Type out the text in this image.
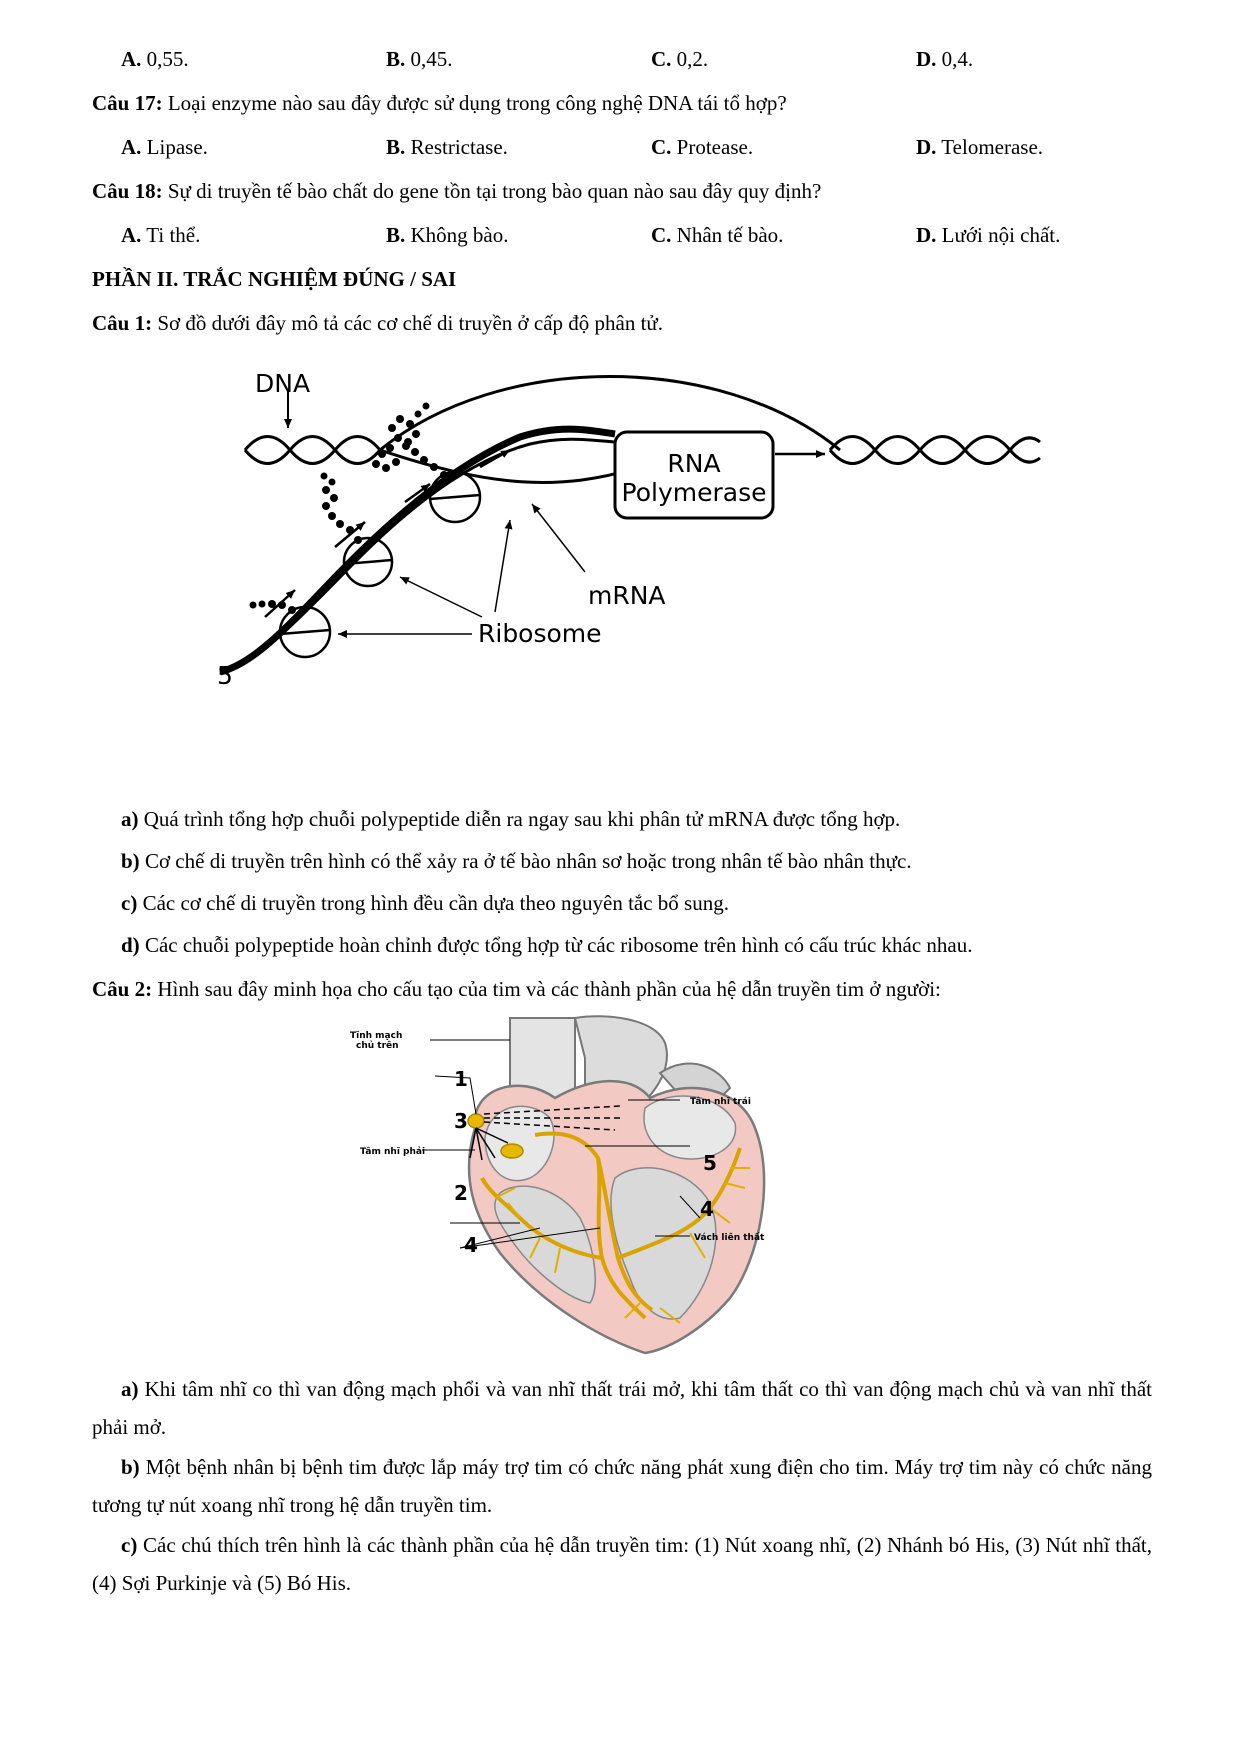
A. 0,55.	B. 0,45.	C. 0,2.	D. 0,4.
Câu 17: Loại enzyme nào sau đây được sử dụng trong công nghệ DNA tái tổ hợp?
A. Lipase.	B. Restrictase.	C. Protease.	D. Telomerase.
Câu 18: Sự di truyền tế bào chất do gene tồn tại trong bào quan nào sau đây quy định?
A. Ti thể.	B. Không bào.	C. Nhân tế bào.	D. Lưới nội chất.
PHẦN II. TRẮC NGHIỆM ĐÚNG / SAI
Câu 1: Sơ đồ dưới đây mô tả các cơ chế di truyền ở cấp độ phân tử.
DNA
RNA
Polymerase
mRNA
Ribosome
5′
a) Quá trình tổng hợp chuỗi polypeptide diễn ra ngay sau khi phân tử mRNA được tổng hợp.
b) Cơ chế di truyền trên hình có thể xảy ra ở tế bào nhân sơ hoặc trong nhân tế bào nhân thực.
c) Các cơ chế di truyền trong hình đều cần dựa theo nguyên tắc bổ sung.
d) Các chuỗi polypeptide hoàn chỉnh được tổng hợp từ các ribosome trên hình có cấu trúc khác nhau.
Câu 2: Hình sau đây minh họa cho cấu tạo của tim và các thành phần của hệ dẫn truyền tim ở người:
Tĩnh mạch
chủ trên
Tâm nhĩ trái
Tâm nhĩ phải
Vách liên thất
1
3
2
4
4
5
a) Khi tâm nhĩ co thì van động mạch phổi và van nhĩ thất trái mở, khi tâm thất co thì van động mạch chủ và van nhĩ thất phải mở.
b) Một bệnh nhân bị bệnh tim được lắp máy trợ tim có chức năng phát xung điện cho tim. Máy trợ tim này có chức năng tương tự nút xoang nhĩ trong hệ dẫn truyền tim.
c) Các chú thích trên hình là các thành phần của hệ dẫn truyền tim: (1) Nút xoang nhĩ, (2) Nhánh bó His, (3) Nút nhĩ thất, (4) Sợi Purkinje và (5) Bó His.
